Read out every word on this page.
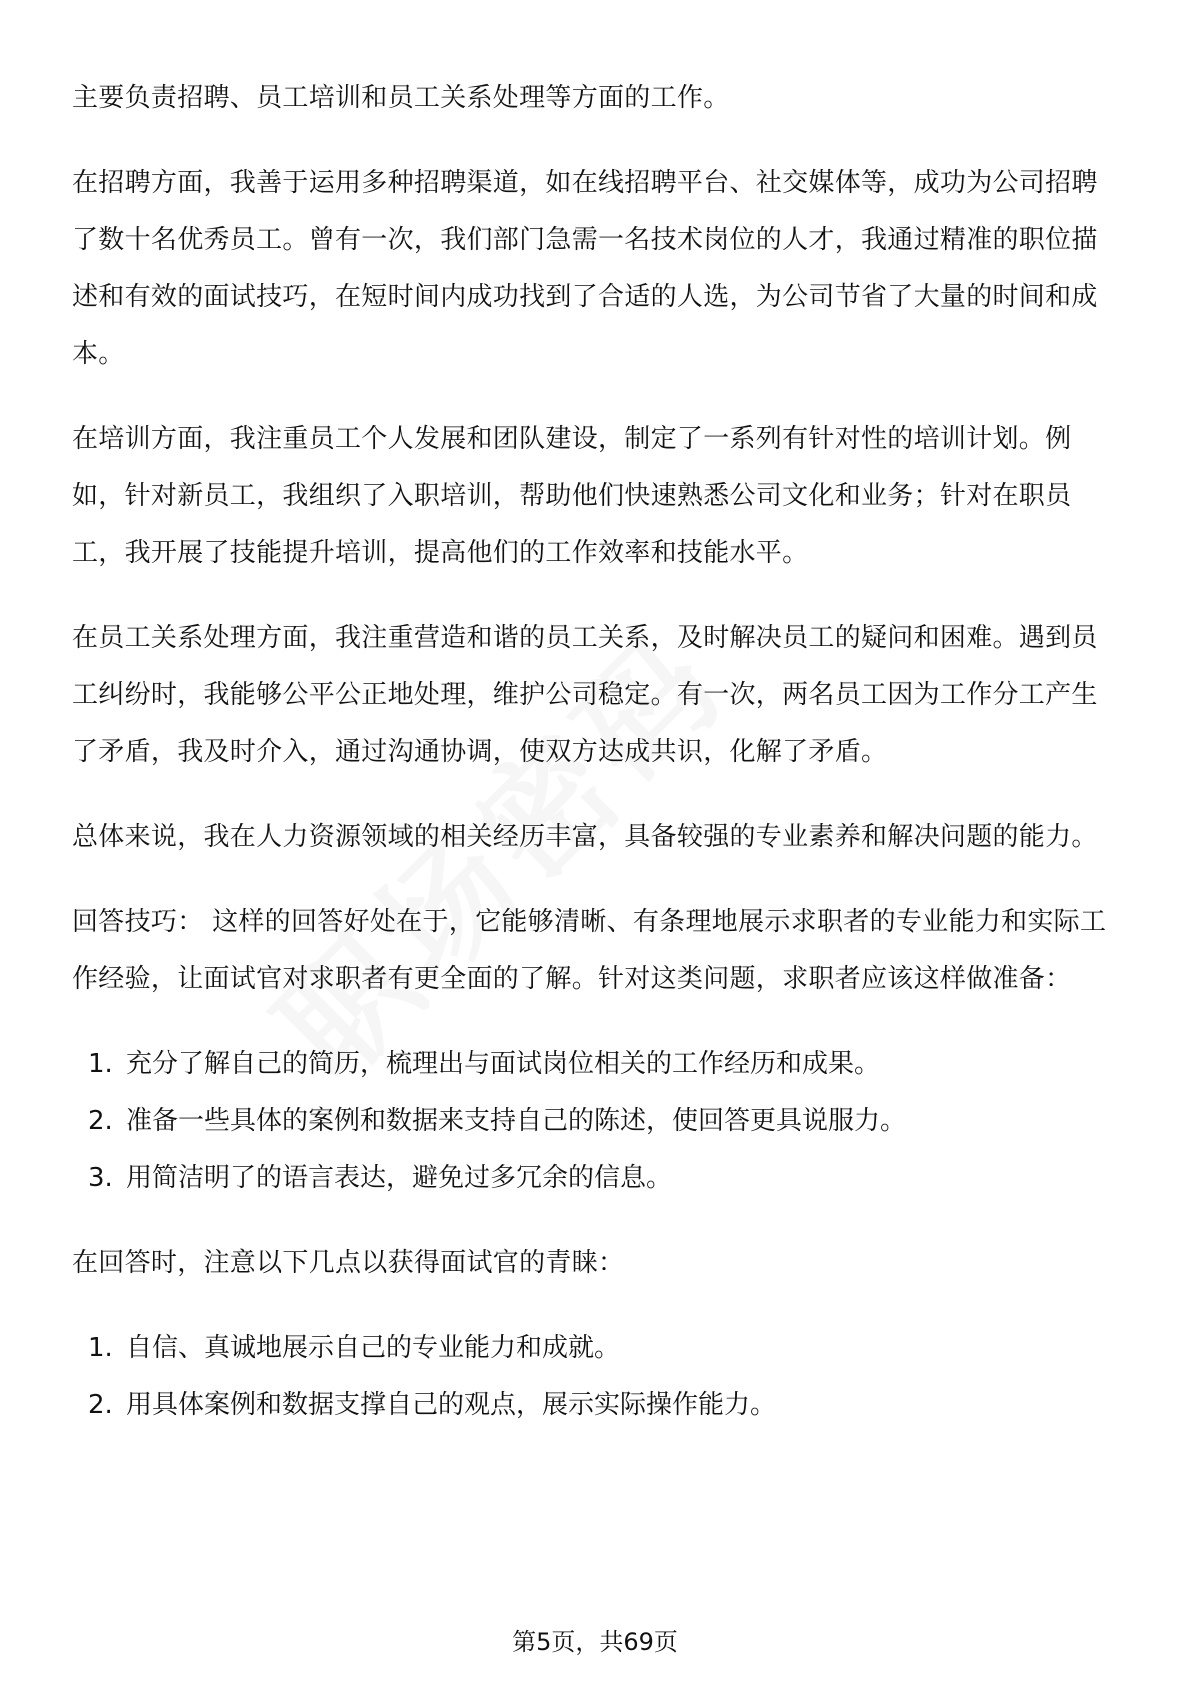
主要负责招聘、员工培训和员工关系处理等方面的工作。

在招聘方面，我善于运用多种招聘渠道，如在线招聘平台、社交媒体等，成功为公司招聘了数十名优秀员工。曾有一次，我们部门急需一名技术岗位的人才，我通过精准的职位描述和有效的面试技巧，在短时间内成功找到了合适的人选，为公司节省了大量的时间和成本。

在培训方面，我注重员工个人发展和团队建设，制定了一系列有针对性的培训计划。例如，针对新员工，我组织了入职培训，帮助他们快速熟悉公司文化和业务；针对在职员工，我开展了技能提升培训，提高他们的工作效率和技能水平。

在员工关系处理方面，我注重营造和谐的员工关系，及时解决员工的疑问和困难。遇到员工纠纷时，我能够公平公正地处理，维护公司稳定。有一次，两名员工因为工作分工产生了矛盾，我及时介入，通过沟通协调，使双方达成共识，化解了矛盾。

总体来说，我在人力资源领域的相关经历丰富，具备较强的专业素养和解决问题的能力。

回答技巧： 这样的回答好处在于，它能够清晰、有条理地展示求职者的专业能力和实际工作经验，让面试官对求职者有更全面的了解。针对这类问题，求职者应该这样做准备：

1. 充分了解自己的简历，梳理出与面试岗位相关的工作经历和成果。
2. 准备一些具体的案例和数据来支持自己的陈述，使回答更具说服力。
3. 用简洁明了的语言表达，避免过多冗余的信息。

在回答时，注意以下几点以获得面试官的青睐：

1. 自信、真诚地展示自己的专业能力和成就。
2. 用具体案例和数据支撑自己的观点，展示实际操作能力。
第5页，共69页
